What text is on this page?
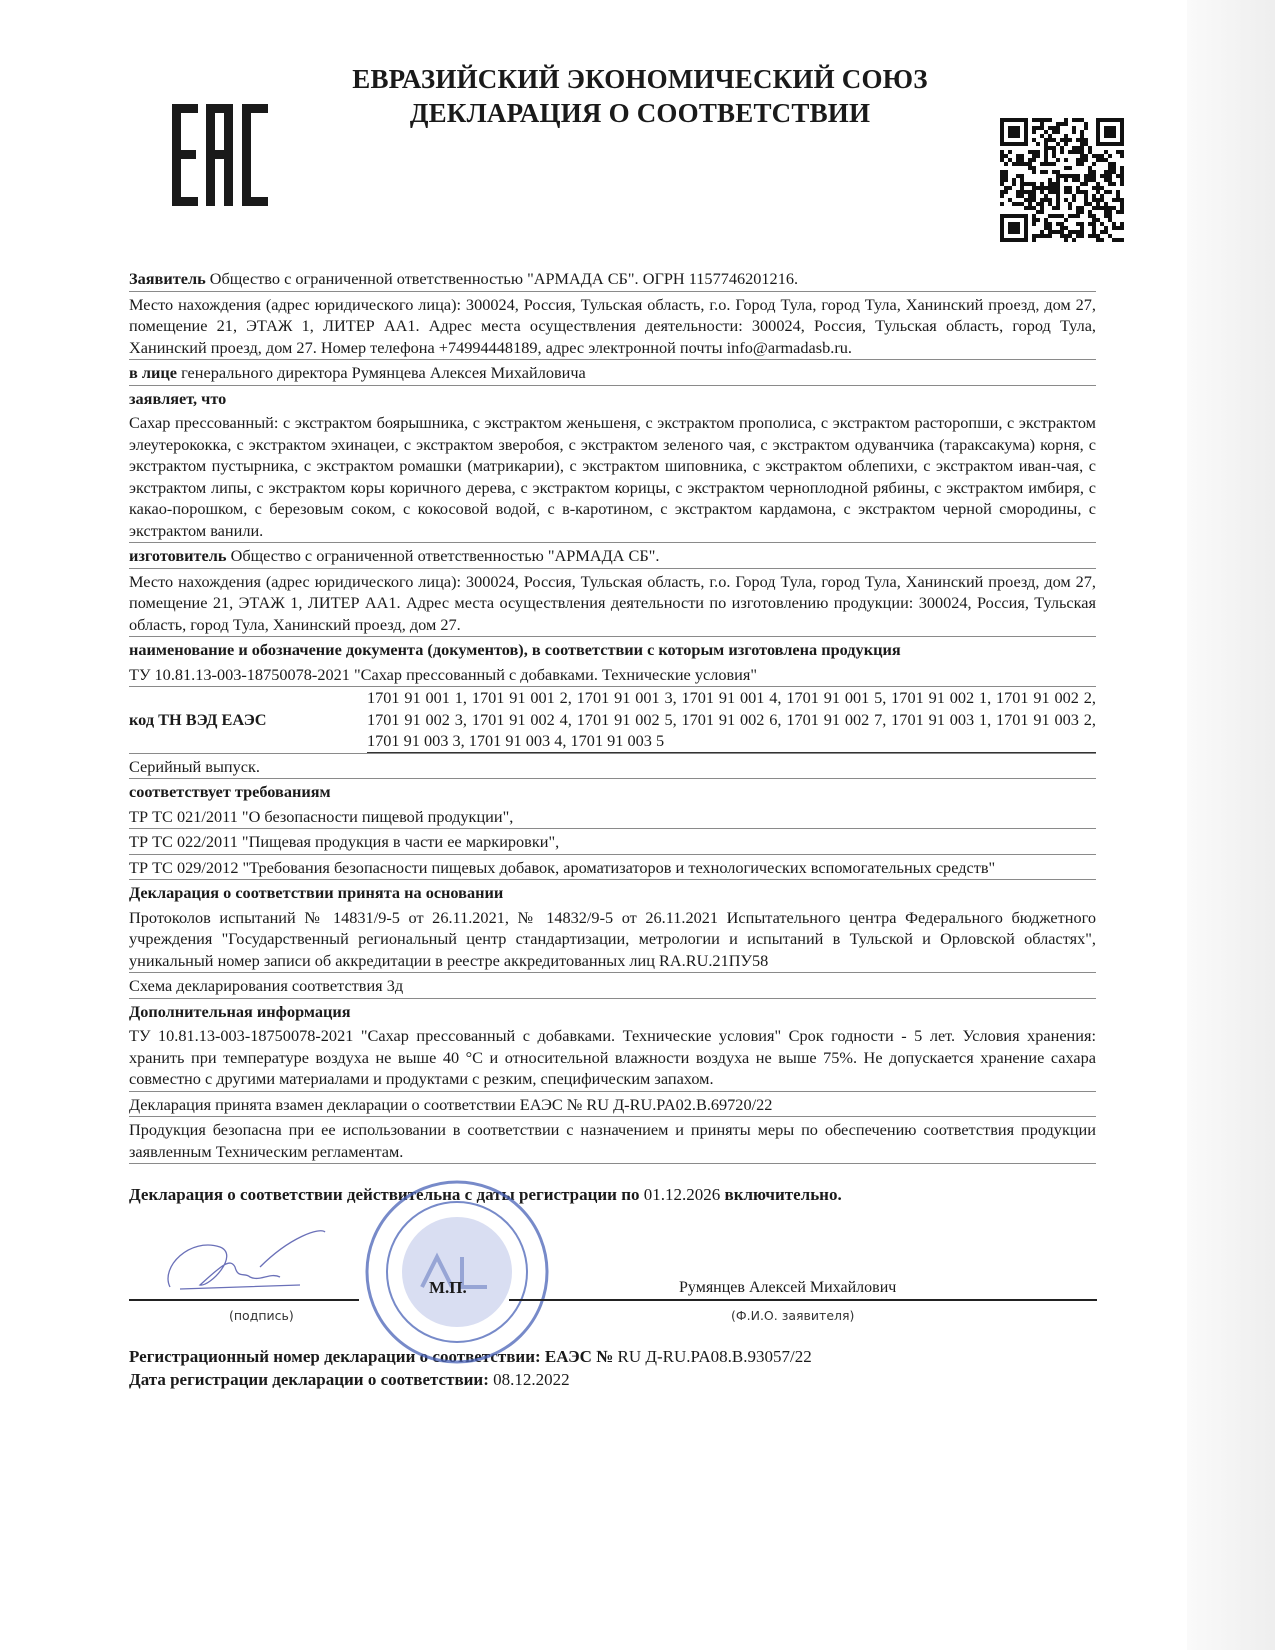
ЕВРАЗИЙСКИЙ ЭКОНОМИЧЕСКИЙ СОЮЗ
ДЕКЛАРАЦИЯ О СООТВЕТСТВИИ
Заявитель Общество с ограниченной ответственностью "АРМАДА СБ". ОГРН 1157746201216.
Место нахождения (адрес юридического лица): 300024, Россия, Тульская область, г.о. Город Тула, город Тула, Ханинский проезд, дом 27, помещение 21, ЭТАЖ 1, ЛИТЕР АА1. Адрес места осуществления деятельности: 300024, Россия, Тульская область, город Тула, Ханинский проезд, дом 27. Номер телефона +74994448189, адрес электронной почты info@armadasb.ru.
в лице генерального директора Румянцева Алексея Михайловича
заявляет, что
Сахар прессованный: с экстрактом боярышника, с экстрактом женьшеня, с экстрактом прополиса, с экстрактом расторопши, с экстрактом элеутерококка, с экстрактом эхинацеи, с экстрактом зверобоя, с экстрактом зеленого чая, с экстрактом одуванчика (тараксакума) корня, с экстрактом пустырника, с экстрактом ромашки (матрикарии), с экстрактом шиповника, с экстрактом облепихи, с экстрактом иван-чая, с экстрактом липы, с экстрактом коры коричного дерева, с экстрактом корицы, с экстрактом черноплодной рябины, с экстрактом имбиря, с какао-порошком, с березовым соком, с кокосовой водой, с в-каротином, с экстрактом кардамона, с экстрактом черной смородины, с экстрактом ванили.
изготовитель Общество с ограниченной ответственностью "АРМАДА СБ".
Место нахождения (адрес юридического лица): 300024, Россия, Тульская область, г.о. Город Тула, город Тула, Ханинский проезд, дом 27, помещение 21, ЭТАЖ 1, ЛИТЕР АА1. Адрес места осуществления деятельности по изготовлению продукции: 300024, Россия, Тульская область, город Тула, Ханинский проезд, дом 27.
наименование и обозначение документа (документов), в соответствии с которым изготовлена продукция
ТУ 10.81.13-003-18750078-2021 "Сахар прессованный с добавками. Технические условия"
код ТН ВЭД ЕАЭС
1701 91 001 1, 1701 91 001 2, 1701 91 001 3, 1701 91 001 4, 1701 91 001 5, 1701 91 002 1, 1701 91 002 2, 1701 91 002 3, 1701 91 002 4, 1701 91 002 5, 1701 91 002 6, 1701 91 002 7, 1701 91 003 1, 1701 91 003 2, 1701 91 003 3, 1701 91 003 4, 1701 91 003 5
Серийный выпуск.
соответствует требованиям
ТР ТС 021/2011 "О безопасности пищевой продукции",
ТР ТС 022/2011 "Пищевая продукция в части ее маркировки",
ТР ТС 029/2012 "Требования безопасности пищевых добавок, ароматизаторов и технологических вспомогательных средств"
Декларация о соответствии принята на основании
Протоколов испытаний № 14831/9-5 от 26.11.2021, № 14832/9-5 от 26.11.2021 Испытательного центра Федерального бюджетного учреждения "Государственный региональный центр стандартизации, метрологии и испытаний в Тульской и Орловской областях", уникальный номер записи об аккредитации в реестре аккредитованных лиц RA.RU.21ПУ58
Схема декларирования соответствия 3д
Дополнительная информация
ТУ 10.81.13-003-18750078-2021 "Сахар прессованный с добавками. Технические условия" Срок годности - 5 лет. Условия хранения: хранить при температуре воздуха не выше 40 °С и относительной влажности воздуха не выше 75%. Не допускается хранение сахара совместно с другими материалами и продуктами с резким, специфическим запахом.
Декларация принята взамен декларации о соответствии ЕАЭС № RU Д-RU.PA02.B.69720/22
Продукция безопасна при ее использовании в соответствии с назначением и приняты меры по обеспечению соответствия продукции заявленным Техническим регламентам.
Декларация о соответствии действительна с даты регистрации по 01.12.2026 включительно.
М.П.
(подпись)
Румянцев Алексей Михайлович
(Ф.И.О. заявителя)
Регистрационный номер декларации о соответствии: ЕАЭС № RU Д-RU.PA08.B.93057/22
Дата регистрации декларации о соответствии: 08.12.2022
